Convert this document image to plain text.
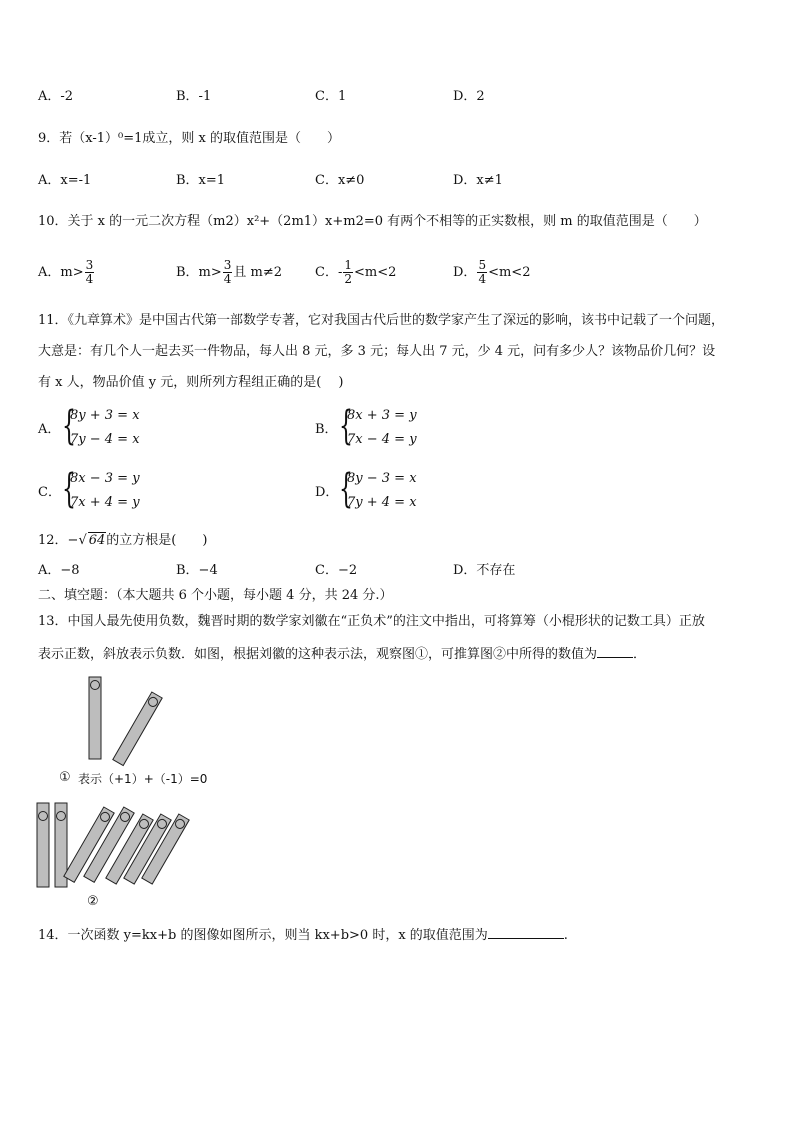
A．-2	B．-1	C．1	D．2
9．若（x-1）⁰=1成立，则 x 的取值范围是（　　）
A．x=-1	B．x=1	C．x≠0	D．x≠1
10．关于 x 的一元二次方程（m2）x²+（2m1）x+m2=0 有两个不相等的正实数根，则 m 的取值范围是（　　）
A．$m> \frac{3}{4}$	B．$m> \frac{3}{4}$ 且 m≠2	C．- $\frac{1}{2} <m<2$	D． $\frac{5}{4} <m<2$
11．《九章算术》是中国古代第一部数学专著，它对我国古代后世的数学家产生了深远的影响，该书中记载了一个问题，
大意是：有几个人一起去买一件物品，每人出 8 元，多 3 元；每人出 7 元，少 4 元，问有多少人？该物品价几何？设
有 x 人，物品价值 y 元，则所列方程组正确的是(　 )
A． {
8y + 3 = x
7y − 4 = x
B． {
8x + 3 = y
7x − 4 = y
C． {
8x − 3 = y
7x + 4 = y
D． {
8y − 3 = x
7y + 4 = x
12．−√ 64的立方根是(　　)
A．−8	B．−4	C．−2	D．不存在
二、填空题：（本大题共 6 个小题，每小题 4 分，共 24 分.）
13．中国人最先使用负数，魏晋时期的数学家刘徽在“正负术”的注文中指出，可将算筹（小棍形状的记数工具）正放
表示正数，斜放表示负数．如图，根据刘徽的这种表示法，观察图①，可推算图②中所得的数值为	．
① 表示（+1）+（-1）=0
②
14．一次函数 y=kx+b 的图像如图所示，则当 kx+b>0 时，x 的取值范围为	.
